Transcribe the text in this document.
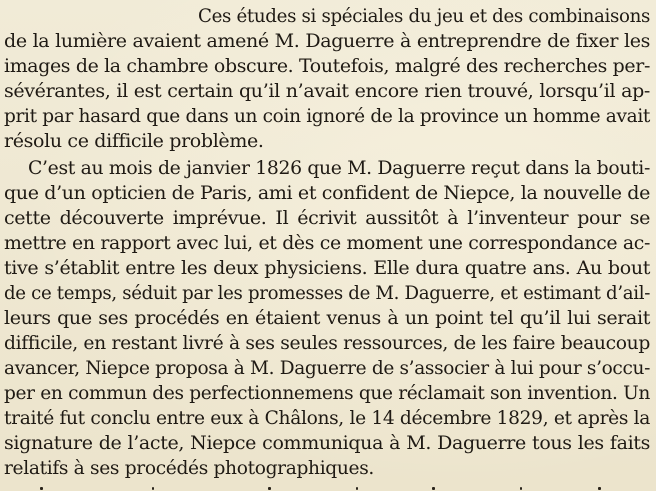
Ces études si spéciales du jeu et des combinaisons
de la lumière avaient amené M. Daguerre à entreprendre de fixer les
images de la chambre obscure. Toutefois, malgré des recherches per-
sévérantes, il est certain qu’il n’avait encore rien trouvé, lorsqu’il ap-
prit par hasard que dans un coin ignoré de la province un homme avait
résolu ce difficile problème.
C’est au mois de janvier 1826 que M. Daguerre reçut dans la bouti-
que d’un opticien de Paris, ami et confident de Niepce, la nouvelle de
cette découverte imprévue. Il écrivit aussitôt à l’inventeur pour se
mettre en rapport avec lui, et dès ce moment une correspondance ac-
tive s’établit entre les deux physiciens. Elle dura quatre ans. Au bout
de ce temps, séduit par les promesses de M. Daguerre, et estimant d’ail-
leurs que ses procédés en étaient venus à un point tel qu’il lui serait
difficile, en restant livré à ses seules ressources, de les faire beaucoup
avancer, Niepce proposa à M. Daguerre de s’associer à lui pour s’occu-
per en commun des perfectionnemens que réclamait son invention. Un
traité fut conclu entre eux à Châlons, le 14 décembre 1829, et après la
signature de l’acte, Niepce communiqua à M. Daguerre tous les faits
relatifs à ses procédés photographiques.
